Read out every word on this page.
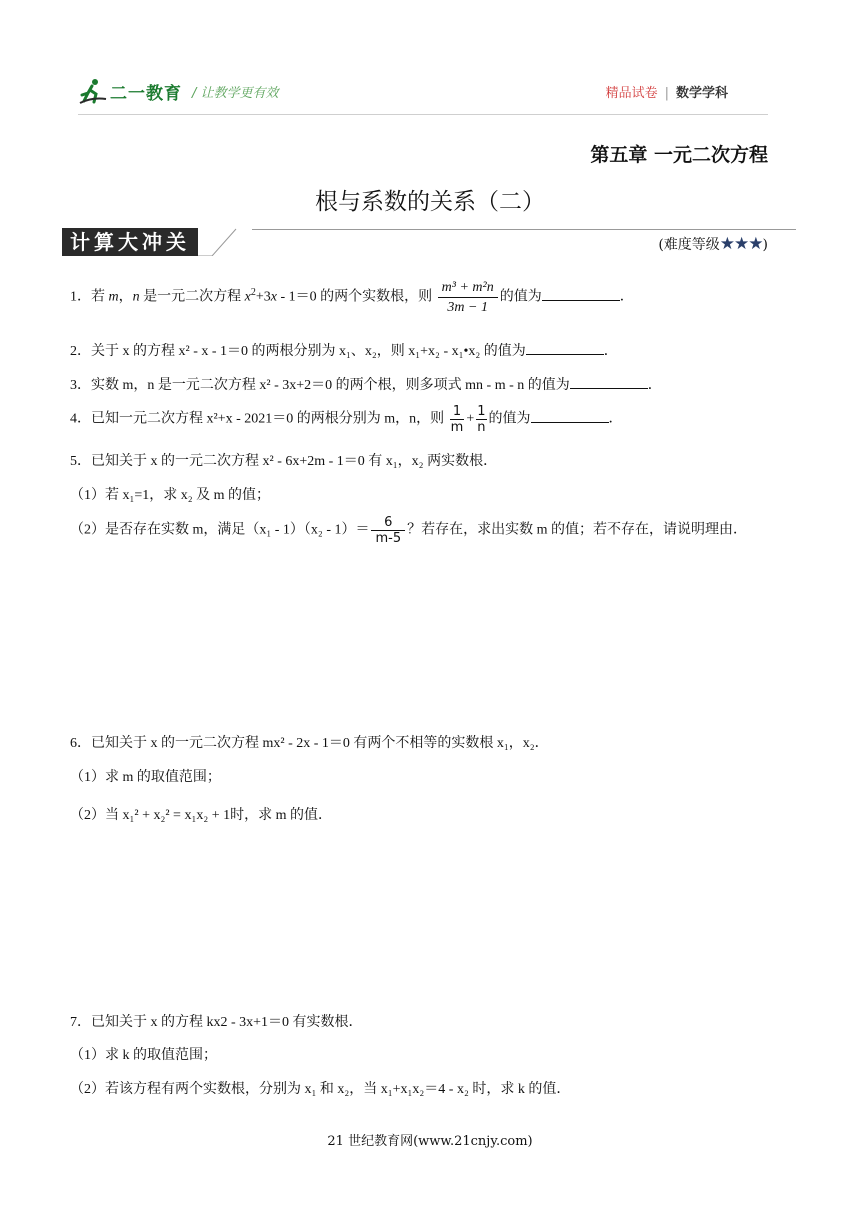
二一教育 / 让教学更有效	精品试卷 | 数学学科
第五章 一元二次方程
根与系数的关系（二）
计算大冲关	(难度等级★★★)
1．若 m，n 是一元二次方程 $x^2+3x - 1=0$ 的两个实数根，则 $\frac{\text{m³ + m²n}}{3m - 1}$ 的值为	．
2．关于 x 的方程 x² - x - 1＝0 的两根分别为 x₁、x₂，则 x₁+x₂ - x₁•x₂ 的值为	．
3．实数 m，n 是一元二次方程 x² - 3x+2＝0 的两个根，则多项式 mn - m - n 的值为	．
4．已知一元二次方程 x²+x - 2021＝0 的两根分别为 m，n，则 $\frac{1}{m} + \frac{1}{n}$ 的值为	．
5．已知关于 x 的一元二次方程 x² - 6x+2m - 1＝0 有 x₁，x₂ 两实数根．
（1）若 x₁=1，求 x₂ 及 m 的值；
（2）是否存在实数 m，满足$(x_1 - 1)(x_2 - 1)= \frac{6}{m-5}$ ？若存在，求出实数 m 的值；若不存在，请说明理由．
6．已知关于 x 的一元二次方程 mx² - 2x - 1＝0 有两个不相等的实数根 x₁，x₂．
（1）求 m 的取值范围；
（2）当 x₁² + x₂² = x₁x₂ + 1时，求 m 的值．
7．已知关于 x 的方程 kx2 - 3x+1＝0 有实数根．
（1）求 k 的取值范围；
（2）若该方程有两个实数根，分别为 x₁ 和 x₂，当 x₁+x₁x₂＝4 - x₂ 时，求 k 的值．
21 世纪教育网(www.21cnjy.com)
